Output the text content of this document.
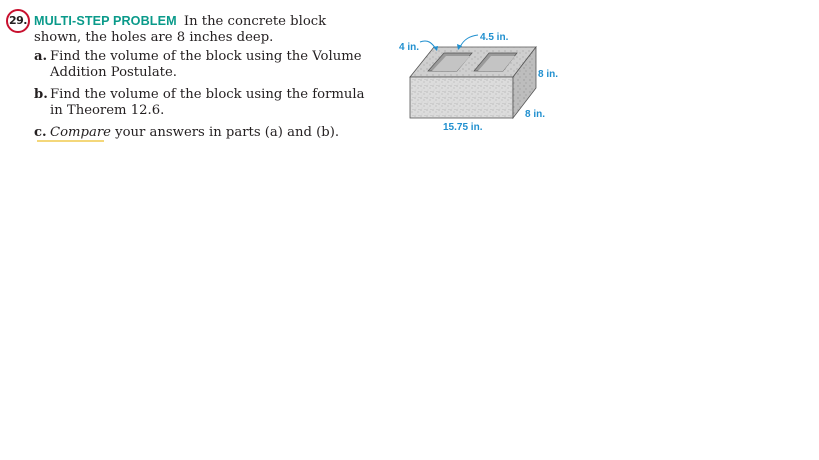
29. MULTI-STEP PROBLEM In the concrete block shown, the holes are 8 inches deep.
a. Find the volume of the block using the Volume Addition Postulate.
b. Find the volume of the block using the formula in Theorem 12.6.
c. Compare your answers in parts (a) and (b).
4 in.
4.5 in.
8 in.
8 in.
15.75 in.
